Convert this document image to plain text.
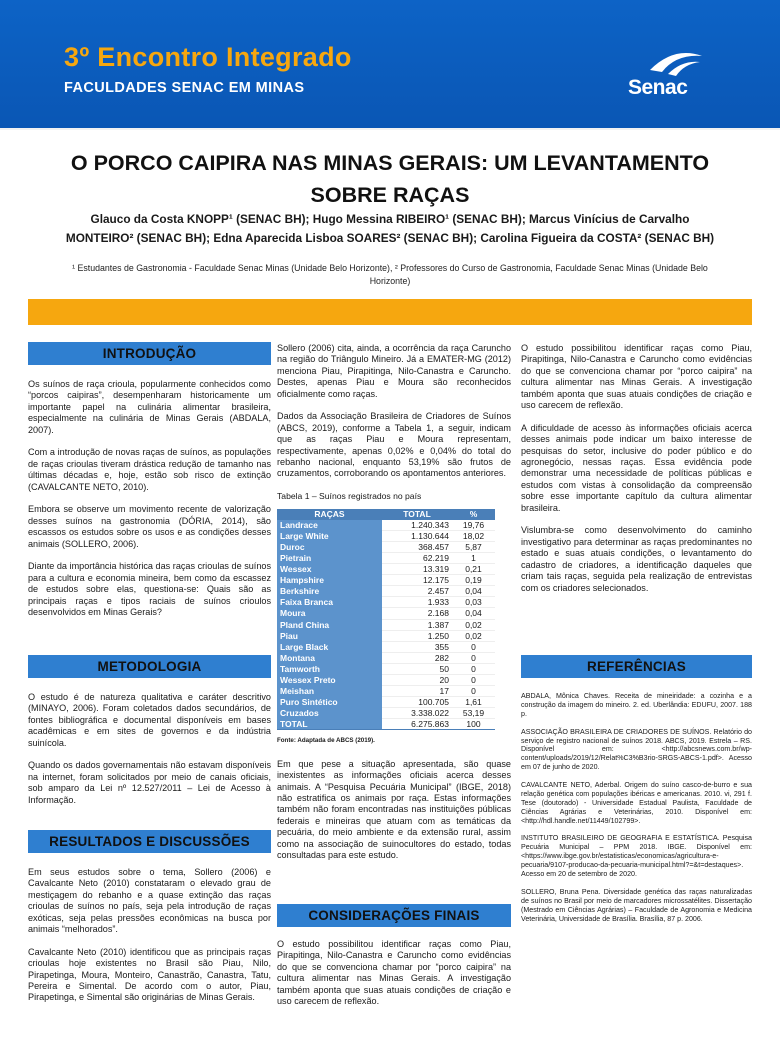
3º Encontro Integrado
FACULDADES SENAC EM MINAS	Senac
O PORCO CAIPIRA NAS MINAS GERAIS: UM LEVANTAMENTO SOBRE RAÇAS
Glauco da Costa KNOPP¹ (SENAC BH); Hugo Messina RIBEIRO¹ (SENAC BH); Marcus Vinícius de Carvalho
MONTEIRO² (SENAC BH); Edna Aparecida Lisboa SOARES² (SENAC BH); Carolina Figueira da COSTA² (SENAC BH)
¹ Estudantes de Gastronomia - Faculdade Senac Minas (Unidade Belo Horizonte), ² Professores do Curso de Gastronomia, Faculdade Senac Minas (Unidade Belo Horizonte)
INTRODUÇÃO

Os suínos de raça crioula, popularmente conhecidos como “porcos caipiras”, desempenharam historicamente um importante papel na culinária alimentar brasileira, especialmente na culinária de Minas Gerais (ABDALA, 2007).

Com a introdução de novas raças de suínos, as populações de raças crioulas tiveram drástica redução de tamanho nas últimas décadas e, hoje, estão sob risco de extinção (CAVALCANTE NETO, 2010).

Embora se observe um movimento recente de valorização desses suínos na gastronomia (DÓRIA, 2014), são escassos os estudos sobre os usos e as condições desses animais (SOLLERO, 2006).

Diante da importância histórica das raças crioulas de suínos para a cultura e economia mineira, bem como da escassez de estudos sobre elas, questiona-se: Quais são as principais raças e tipos raciais de suínos crioulos desenvolvidos em Minas Gerais?

METODOLOGIA

O estudo é de natureza qualitativa e caráter descritivo (MINAYO, 2006). Foram coletados dados secundários, de fontes bibliográfica e documental disponíveis em bases acadêmicas e em sites de governos e da indústria suinícola.

Quando os dados governamentais não estavam disponíveis na internet, foram solicitados por meio de canais oficiais, sob amparo da Lei nº 12.527/2011 – Lei de Acesso à Informação.

RESULTADOS E DISCUSSÕES

Em seus estudos sobre o tema, Sollero (2006) e Cavalcante Neto (2010) constataram o elevado grau de mestiçagem do rebanho e a quase extinção das raças crioulas de suínos no país, seja pela introdução de raças exóticas, seja pelas pressões econômicas na busca por animais “melhorados”.

Cavalcante Neto (2010) identificou que as principais raças crioulas hoje existentes no Brasil são Piau, Nilo, Pirapetinga, Moura, Monteiro, Canastrão, Canastra, Tatu, Pereira e Simental. De acordo com o autor, Piau, Pirapetinga, e Simental são originárias de Minas Gerais.

Sollero (2006) cita, ainda, a ocorrência da raça Carunchо na região do Triângulo Mineiro. Já a EMATER-MG (2012) menciona Piau, Pirapitinga, Nilo-Canastra e Caruncho. Destes, apenas Piau e Moura são reconhecidos oficialmente como raças.

Dados da Associação Brasileira de Criadores de Suínos (ABCS, 2019), conforme a Tabela 1, a seguir, indicam que as raças Piau e Moura representam, respectivamente, apenas 0,02% e 0,04% do total do rebanho nacional, enquanto 53,19% são frutos de cruzamentos, corroborando os apontamentos anteriores.

Tabela 1 – Suínos registrados no país
RAÇAS	TOTAL	%
Landrace	1.240.343	19,76
Large White	1.130.644	18,02
Duroc	368.457	5,87
Pietrain	62.219	1
Wessex	13.319	0,21
Hampshire	12.175	0,19
Berkshire	2.457	0,04
Faixa Branca	1.933	0,03
Moura	2.168	0,04
Pland China	1.387	0,02
Piau	1.250	0,02
Large Black	355	0
Montana	282	0
Tamworth	50	0
Wessex Preto	20	0
Meishan	17	0
Puro Sintético	100.705	1,61
Cruzados	3.338.022	53,19
TOTAL	6.275.863	100
Fonte: Adaptada de ABCS (2019).

Em que pese a situação apresentada, são quase inexistentes as informações oficiais acerca desses animais. A “Pesquisa Pecuária Municipal” (IBGE, 2018) não estratifica os animais por raça. Estas informações também não foram encontradas nas instituições públicas federais e mineiras que atuam com as temáticas da pecuária, do meio ambiente e da extensão rural, assim como na associação de suinocultores do estado, todas consultadas para este estudo.

CONSIDERAÇÕES FINAIS

O estudo possibilitou identificar raças como Piau, Pirapitinga, Nilo-Canastra e Caruncho como evidências do que se convenciona chamar por “porco caipira” na cultura alimentar nas Minas Gerais. A investigação também aponta que suas atuais condições de criação e uso carecem de reflexão.

O estudo possibilitou identificar raças como Piau, Pirapitinga, Nilo-Canastra e Caruncho como evidências do que se convenciona chamar por “porco caipira” na cultura alimentar nas Minas Gerais. A investigação também aponta que suas atuais condições de criação e uso carecem de reflexão.

A dificuldade de acesso às informações oficiais acerca desses animais pode indicar um baixo interesse de pesquisas do setor, inclusive do poder público e do agronegócio, nessas raças. Essa evidência pode demonstrar uma necessidade de políticas públicas e estudos com vistas à consolidação da compreensão sobre esse importante capítulo da cultura alimentar brasileira.

Vislumbra-se como desenvolvimento do caminho investigativo para determinar as raças predominantes no estado e suas atuais condições, o levantamento do cadastro de criadores, a identificação daqueles que criam tais raças, seguida pela realização de entrevistas com os criadores selecionados.

REFERÊNCIAS

ABDALA, Mônica Chaves. Receita de mineiridade: a cozinha e a construção da imagem do mineiro. 2. ed. Uberlândia: EDUFU, 2007. 188 p.

ASSOCIAÇÃO BRASILEIRA DE CRIADORES DE SUÍNOS. Relatório do serviço de registro nacional de suínos 2018. ABCS, 2019. Estrela – RS. Disponível em: <http://abcsnews.com.br/wp-content/uploads/2019/12/Relat%C3%B3rio-SRGS-ABCS-1.pdf>. Acesso em 07 de junho de 2020.

CAVALCANTE NETO, Aderbal. Origem do suíno casco-de-burro e sua relação genética com populações ibéricas e americanas. 2010. vi, 291 f. Tese (doutorado) - Universidade Estadual Paulista, Faculdade de Ciências Agrárias e Veterinárias, 2010. Disponível em: <http://hdl.handle.net/11449/102799>.

INSTITUTO BRASILEIRO DE GEOGRAFIA E ESTATÍSTICA. Pesquisa Pecuária Municipal – PPM 2018. IBGE. Disponível em: <https://www.ibge.gov.br/estatisticas/economicas/agricultura-e-pecuaria/9107-producao-da-pecuaria-municipal.html?=&t=destaques>. Acesso em 20 de setembro de 2020.

SOLLERO, Bruna Pena. Diversidade genética das raças naturalizadas de suínos no Brasil por meio de marcadores microssatélites. Dissertação (Mestrado em Ciências Agrárias) – Faculdade de Agronomia e Medicina Veterinária, Universidade de Brasília. Brasília, 87 p. 2006.
